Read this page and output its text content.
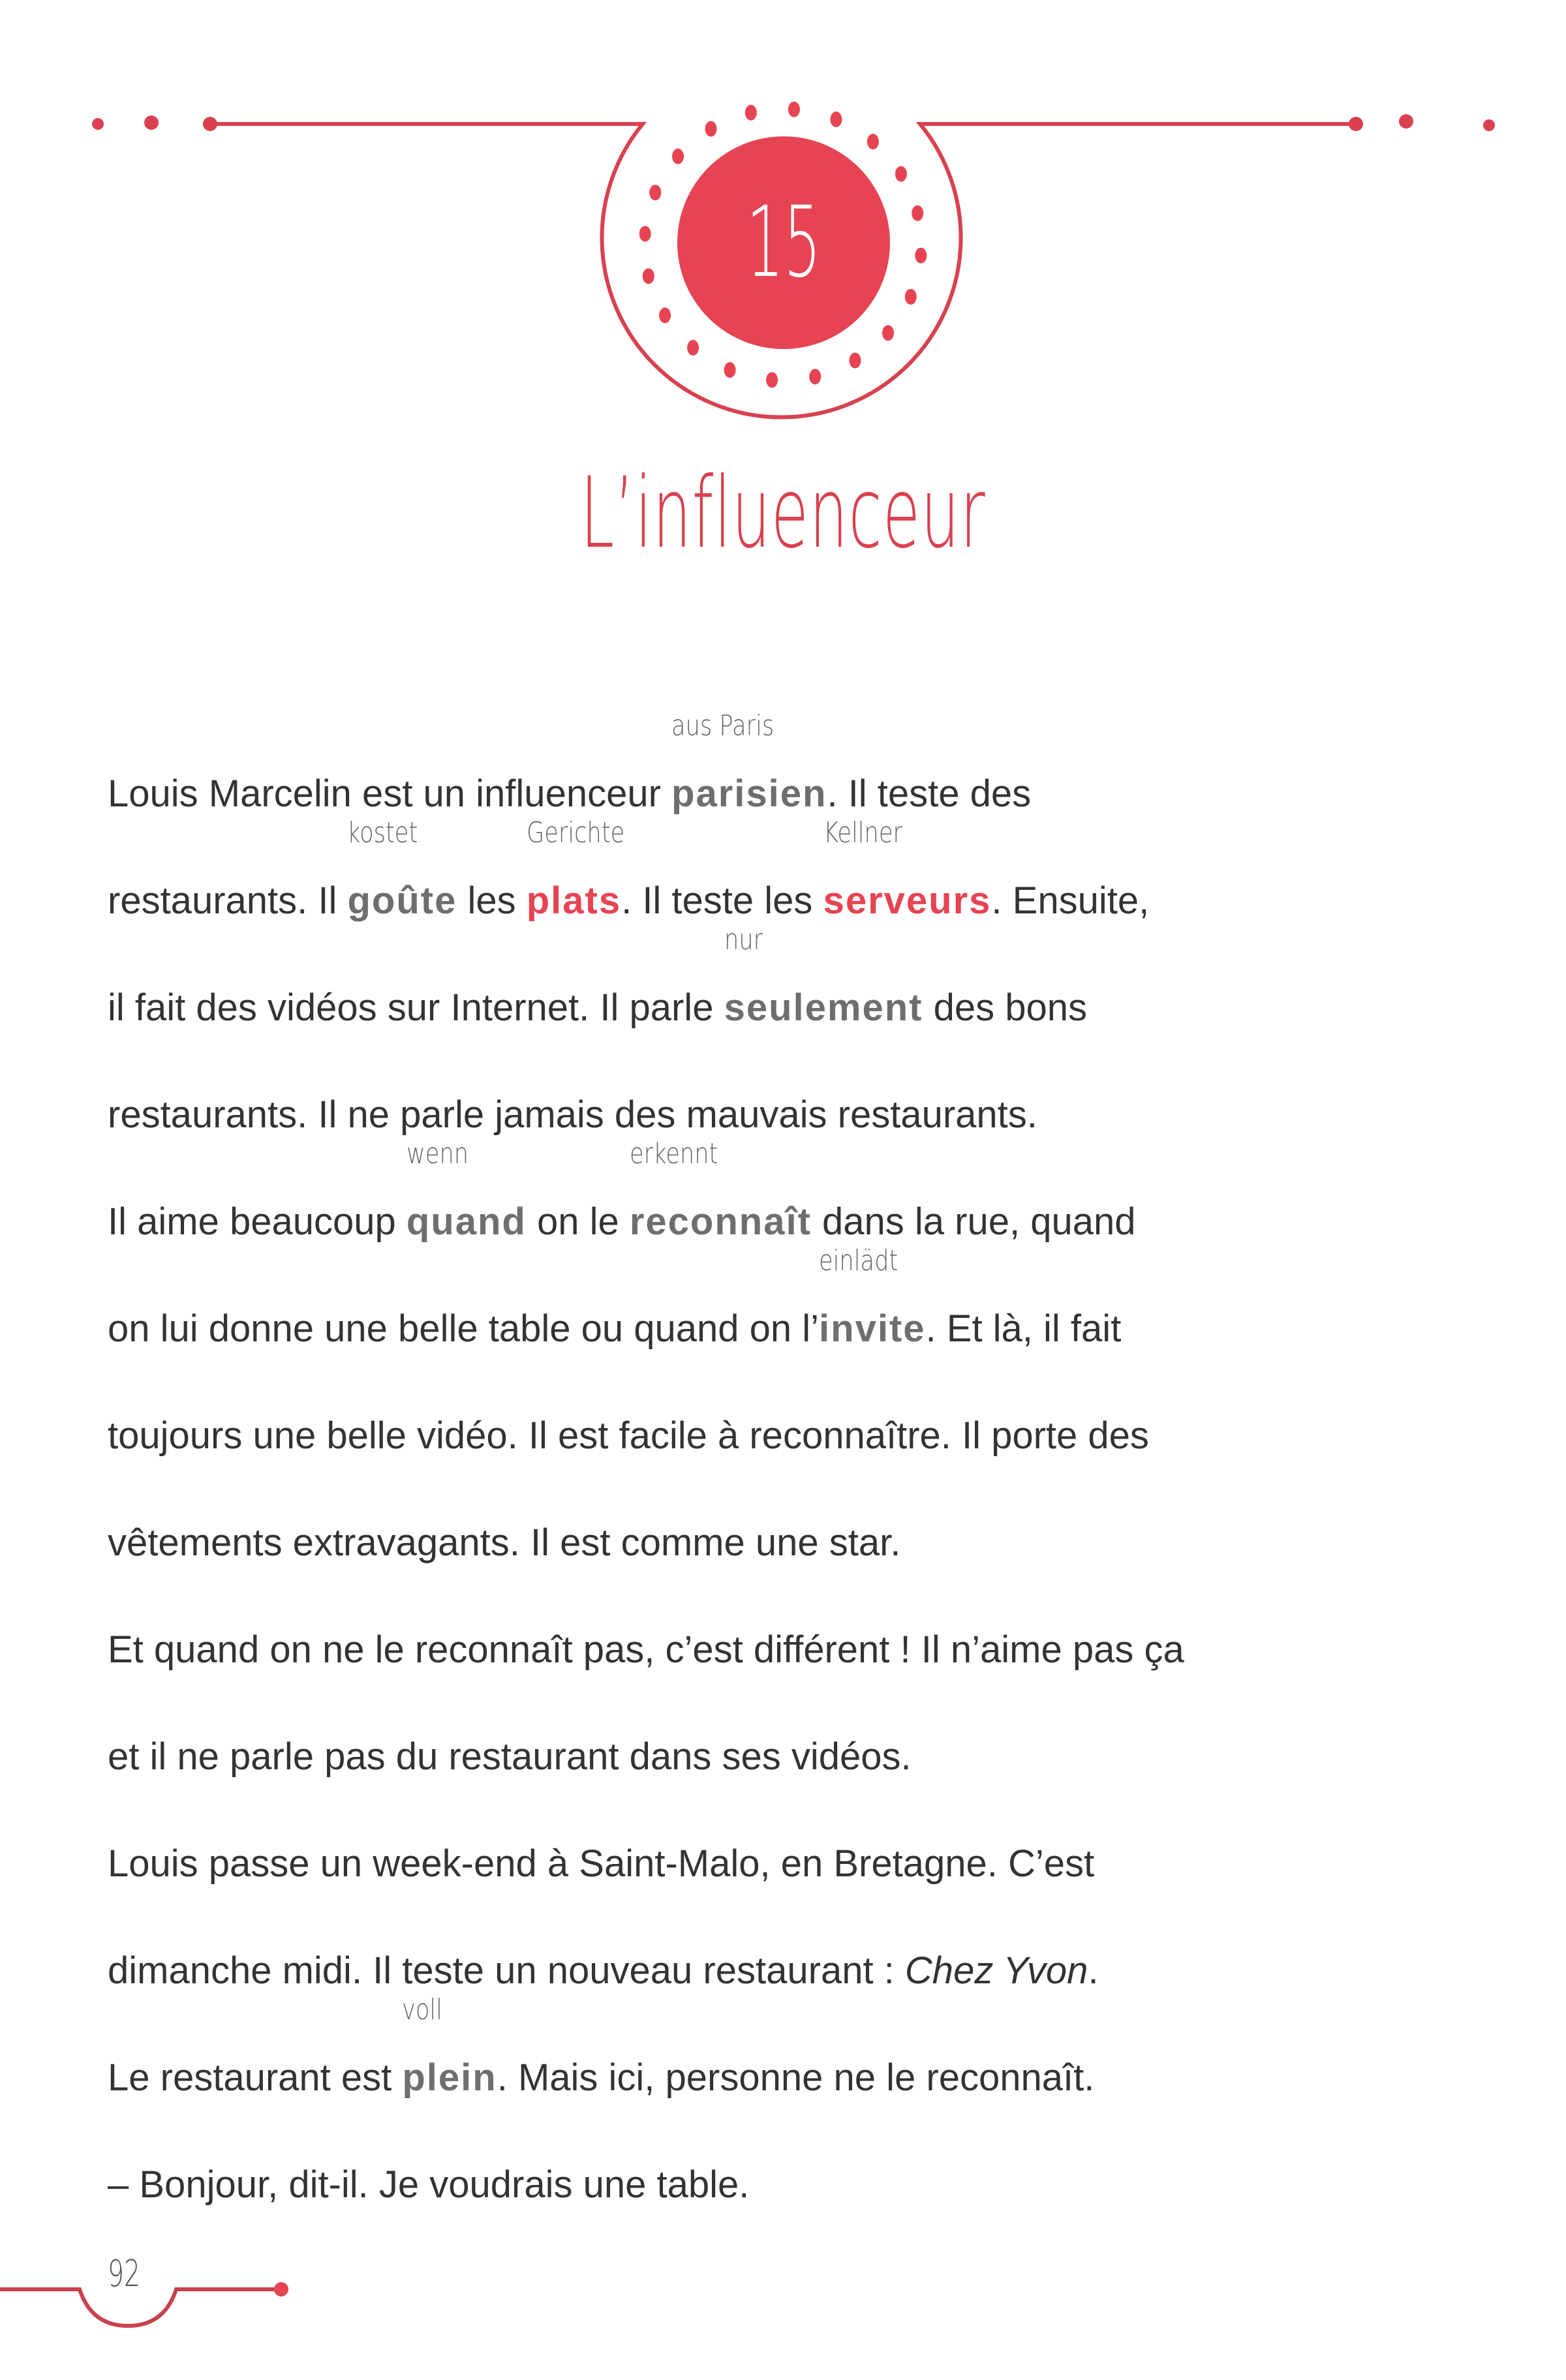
15
L’influenceur
Louis Marcelin est un influenceur parisien
aus Paris
. Il teste des
restaurants. Il goûte
kostet
les plats
Gerichte
. Il teste les serveurs
Kellner
. Ensuite,
il fait des vidéos sur Internet. Il parle seulement
nur
des bons
restaurants. Il ne parle jamais des mauvais restaurants.
Il aime beaucoup quand
wenn
on le reconnaît
erkennt
dans la rue, quand
on lui donne une belle table ou quand on l’invite
einlädt
. Et là, il fait
toujours une belle vidéo. Il est facile à reconnaître. Il porte des
vêtements extravagants. Il est comme une star.
Et quand on ne le reconnaît pas, c’est différent ! Il n’aime pas ça
et il ne parle pas du restaurant dans ses vidéos.
Louis passe un week-end à Saint-Malo, en Bretagne. C’est
dimanche midi. Il teste un nouveau restaurant : Chez Yvon.
Le restaurant est plein
voll
. Mais ici, personne ne le reconnaît.
– Bonjour, dit-il. Je voudrais une table.
92
